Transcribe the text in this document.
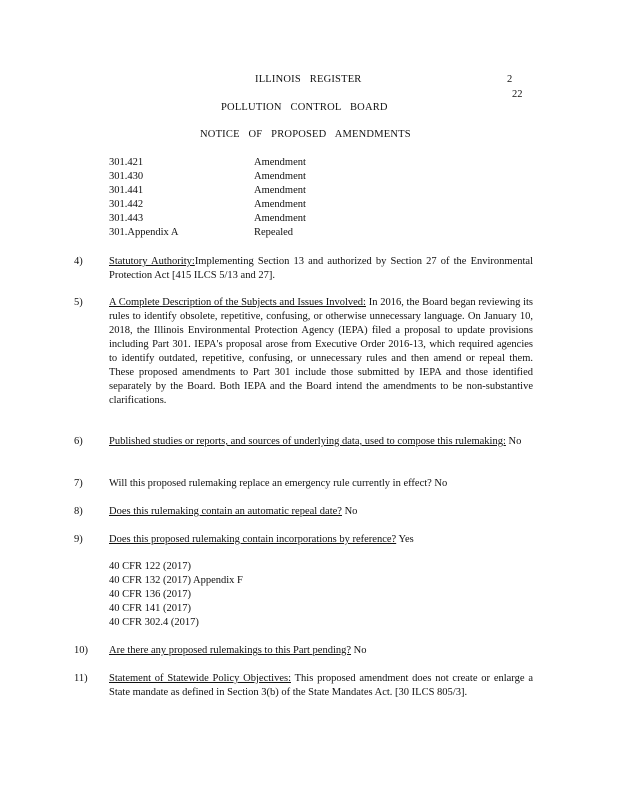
ILLINOIS REGISTER	2
22
POLLUTION CONTROL BOARD
NOTICE OF PROPOSED AMENDMENTS
301.421	Amendment
301.430	Amendment
301.441	Amendment
301.442	Amendment
301.443	Amendment
301.Appendix A	Repealed
4)	Statutory Authority:Implementing Section 13 and authorized by Section 27 of the Environmental Protection Act [415 ILCS 5/13 and 27].
5)	A Complete Description of the Subjects and Issues Involved: In 2016, the Board began reviewing its rules to identify obsolete, repetitive, confusing, or otherwise unnecessary language. On January 10, 2018, the Illinois Environmental Protection Agency (IEPA) filed a proposal to update provisions including Part 301. IEPA's proposal arose from Executive Order 2016-13, which required agencies to identify outdated, repetitive, confusing, or unnecessary rules and then amend or repeal them. These proposed amendments to Part 301 include those submitted by IEPA and those identified separately by the Board. Both IEPA and the Board intend the amendments to be non-substantive clarifications.
6)	Published studies or reports, and sources of underlying data, used to compose this rulemaking: No
7)	Will this proposed rulemaking replace an emergency rule currently in effect? No
8)	Does this rulemaking contain an automatic repeal date? No
9)	Does this proposed rulemaking contain incorporations by reference? Yes
40 CFR 122 (2017)
40 CFR 132 (2017) Appendix F
40 CFR 136 (2017)
40 CFR 141 (2017)
40 CFR 302.4 (2017)
10) Are there any proposed rulemakings to this Part pending? No
11) Statement of Statewide Policy Objectives: This proposed amendment does not create or enlarge a State mandate as defined in Section 3(b) of the State Mandates Act. [30 ILCS 805/3].
